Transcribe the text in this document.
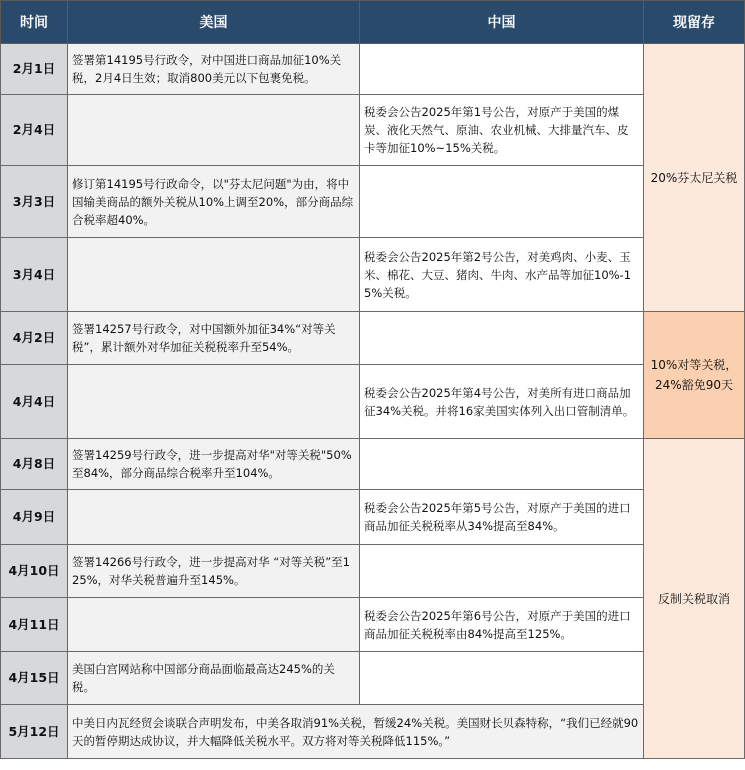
时间	美国	中国	现留存
2月1日	签署第14195号行政令，对中国进口商品加征10%关税，2月4日生效；取消800美元以下包裹免税。		20%芬太尼关税
2月4日		税委会公告2025年第1号公告，对原产于美国的煤炭、液化天然气、原油、农业机械、大排量汽车、皮卡等加征10%~15%关税。	
3月3日	修订第14195号行政命令，以"芬太尼问题"为由，将中国输美商品的额外关税从10%上调至20%，部分商品综合税率超40%。		
3月4日		税委会公告2025年第2号公告，对美鸡肉、小麦、玉米、棉花、大豆、猪肉、牛肉、水产品等加征10%-15%关税。	
4月2日	签署14257号行政令，对中国额外加征34%“对等关税”，累计额外对华加征关税税率升至54%。		10%对等关税，24%豁免90天
4月4日		税委会公告2025年第4号公告，对美所有进口商品加征34%关税。并将16家美国实体列入出口管制清单。	
4月8日	签署14259号行政令，进一步提高对华"对等关税"50%至84%，部分商品综合税率升至104%。		反制关税取消
4月9日		税委会公告2025年第5号公告，对原产于美国的进口商品加征关税税率从34%提高至84%。	
4月10日	签署14266号行政令，进一步提高对华 “对等关税”至125%，对华关税普遍升至145%。		
4月11日		税委会公告2025年第6号公告，对原产于美国的进口商品加征关税税率由84%提高至125%。	
4月15日	美国白宫网站称中国部分商品面临最高达245%的关税。		
5月12日	中美日内瓦经贸会谈联合声明发布，中美各取消91%关税，暂缓24%关税。美国财长贝森特称，“我们已经就90天的暂停期达成协议，并大幅降低关税水平。双方将对等关税降低115%。”		
